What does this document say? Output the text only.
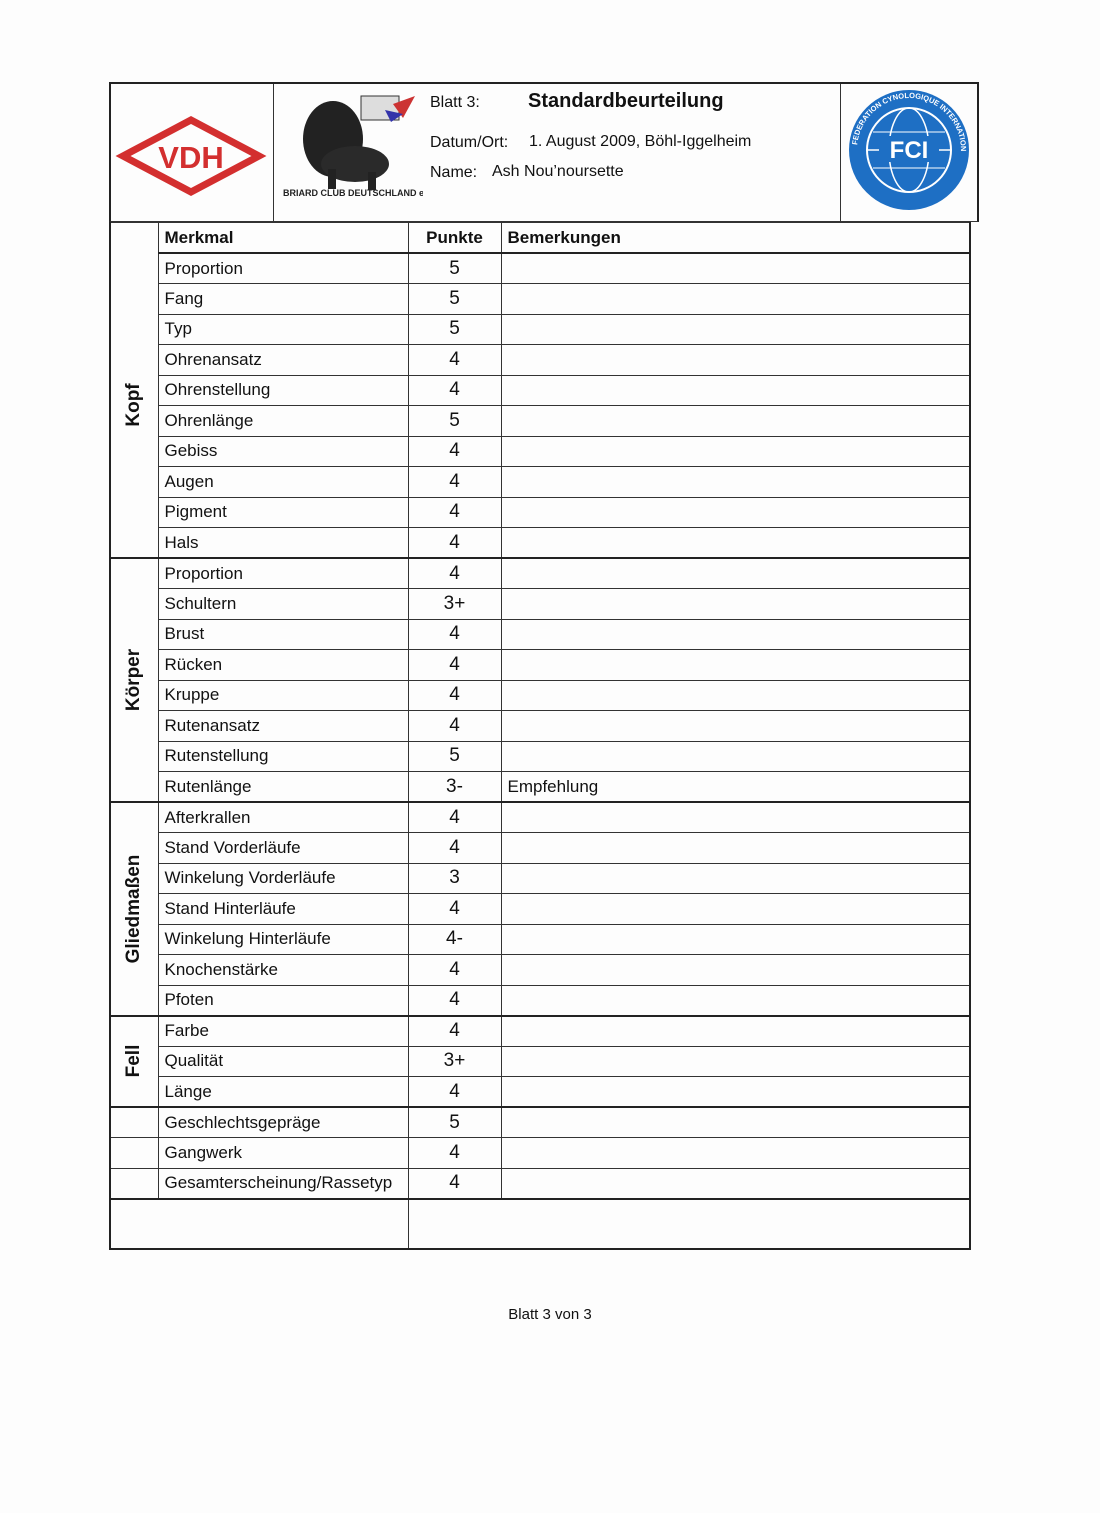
VDH
BRIARD CLUB DEUTSCHLAND e.V.
Blatt 3: Standardbeurteilung
Datum/Ort: 1. August 2009, Böhl-Iggelheim
Name: Ash Nou’noursette
FCI
FEDERATION CYNOLOGIQUE INTERNATION
	Merkmal	Punkte	Bemerkungen

Kopf	Proportion	5	
	Fang	5	
	Typ	5	
	Ohrenansatz	4	
	Ohrenstellung	4	
	Ohrenlänge	5	
	Gebiss	4	
	Augen	4	
	Pigment	4	
	Hals	4	

Körper	Proportion	4	
	Schultern	3+	
	Brust	4	
	Rücken	4	
	Kruppe	4	
	Rutenansatz	4	
	Rutenstellung	5	
	Rutenlänge	3-	Empfehlung

Gliedmaßen	Afterkrallen	4	
	Stand Vorderläufe	4	
	Winkelung Vorderläufe	3	
	Stand Hinterläufe	4	
	Winkelung Hinterläufe	4-	
	Knochenstärke	4	
	Pfoten	4	

Fell	Farbe	4	
	Qualität	3+	
	Länge	4	
	Geschlechtsgepräge	5	
	Gangwerk	4	
	Gesamterscheinung/Rassetyp	4	

Blatt 3 von 3
